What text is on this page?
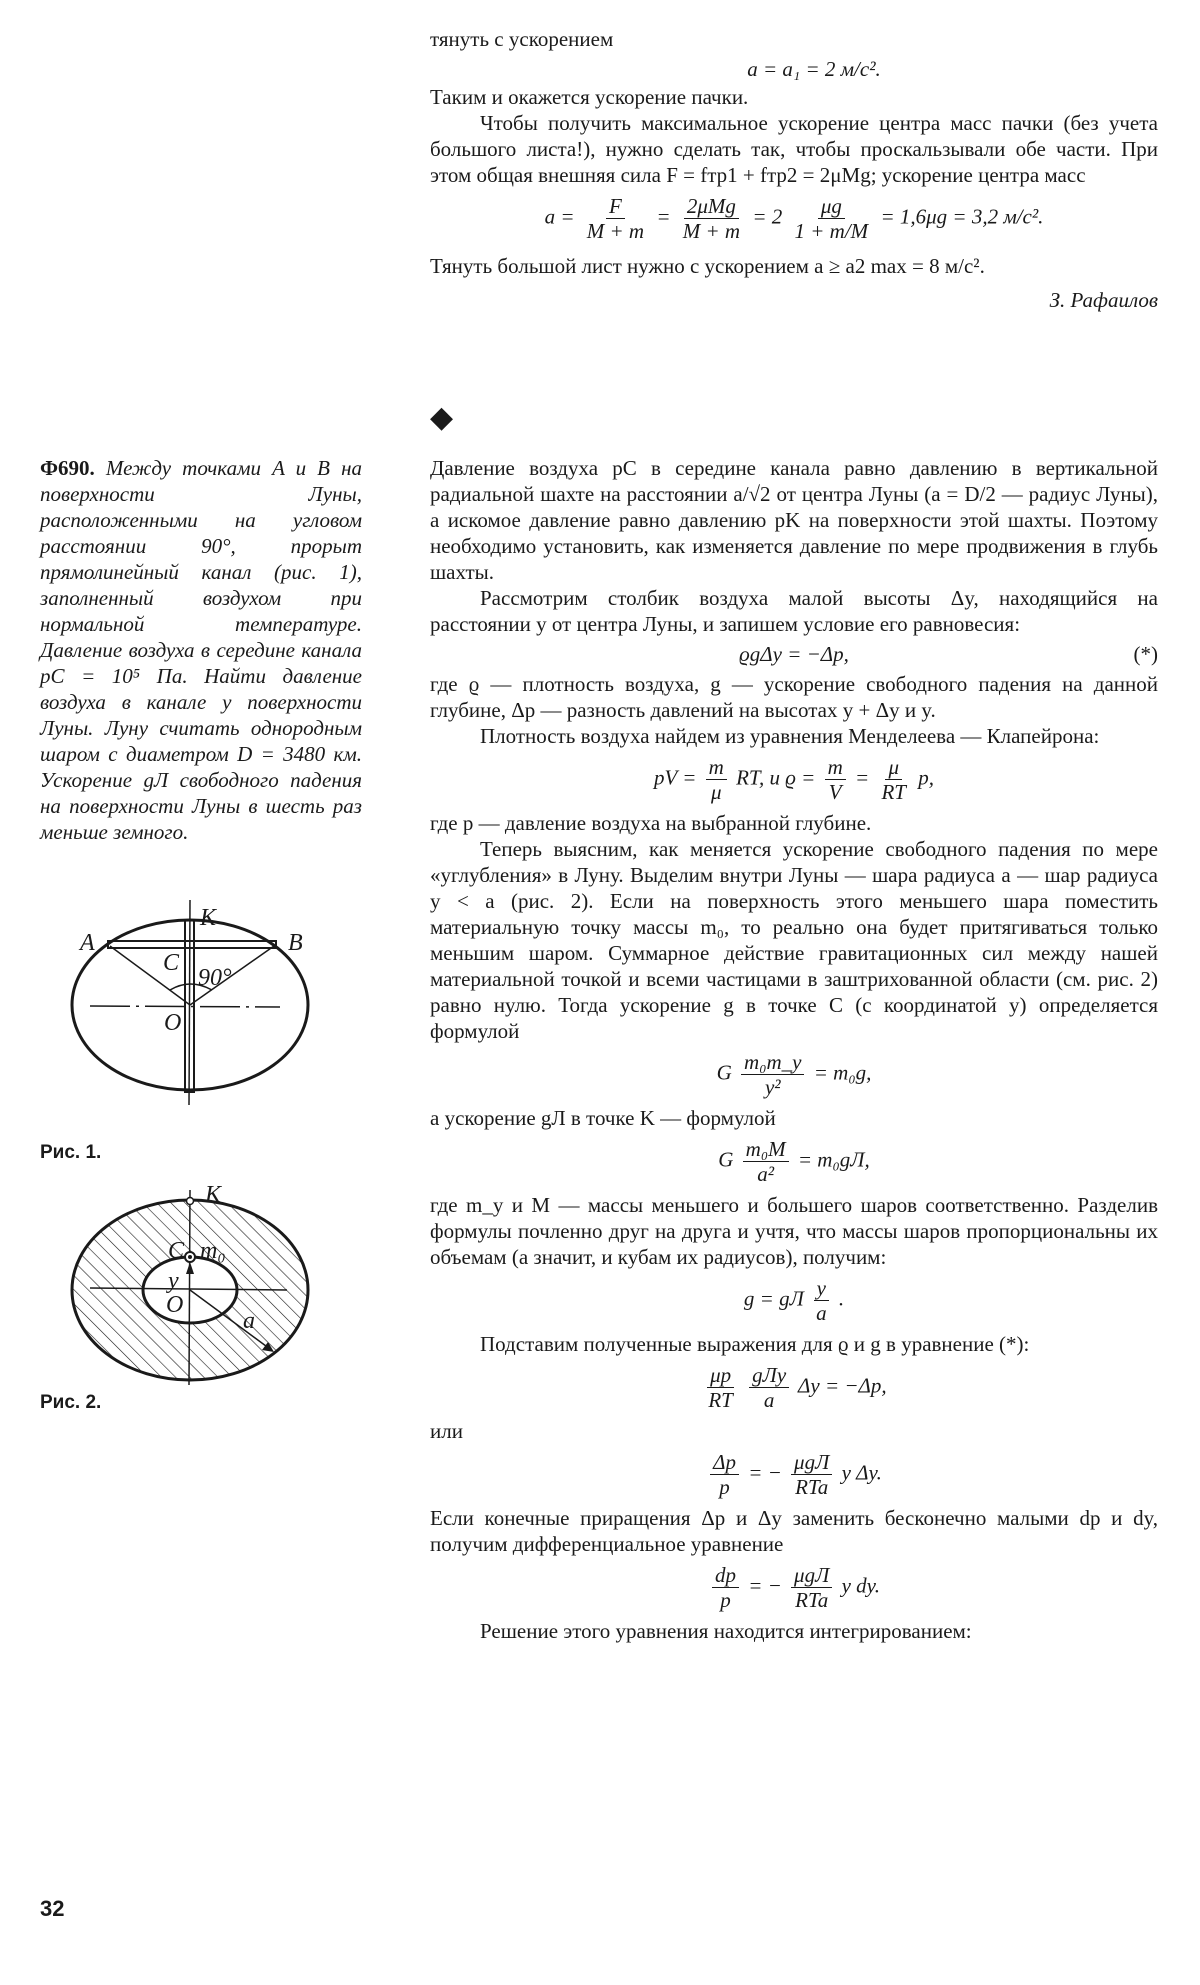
тянуть с ускорением

a = a₁ = 2 м/с².

Таким и окажется ускорение пачки.

Чтобы получить максимальное ускорение центра масс пачки (без учета большого листа!), нужно сделать так, чтобы проскальзывали обе части. При этом общая внешняя сила F = fтр1 + fтр2 = 2μMg; ускорение центра масс

$a = \frac{F}{M + m} = \frac{\text{2μMg}}{M + m} = 2 \frac{\mu g}{1 + m/M} = 1,6\mu g = 3,2$ м/с².

Тянуть большой лист нужно с ускорением a ≥ a2 max = 8 м/с².

З. Рафаилов

◆
Ф690. Между точками A и B на поверхности Луны, расположенными на угловом расстоянии 90°, прорыт прямолинейный канал (рис. 1), заполненный воздухом при нормальной температуре. Давление воздуха в середине канала pC = 10⁵ Па. Найти давление воздуха в канале у поверхности Луны. Луну считать однородным шаром с диаметром D = 3480 км. Ускорение gЛ свободного падения на поверхности Луны в шесть раз меньше земного.
K
A	B
C
90°
O
Рис. 1.
K
C m₀
y
O
a
Рис. 2.

Давление воздуха pC в середине канала равно давлению в вертикальной радиальной шахте на расстоянии a/√2 от центра Луны (a = D/2 — радиус Луны), а искомое давление равно давлению pK на поверхности этой шахты. Поэтому необходимо установить, как изменяется давление по мере продвижения в глубь шахты.

Рассмотрим столбик воздуха малой высоты Δy, находящийся на расстоянии y от центра Луны, и запишем условие его равновесия:

ϱgΔy = −Δp,	(*)

где ϱ — плотность воздуха, g — ускорение свободного падения на данной глубине, Δp — разность давлений на высотах y + Δy и y.

Плотность воздуха найдем из уравнения Менделеева — Клапейрона:

pV = $\frac{m}{\mu}$ RT, и $ϱ = \frac{m}{V} = \frac{\mu}{RT} p$,

где p — давление воздуха на выбранной глубине.

Теперь выясним, как меняется ускорение свободного падения по мере «углубления» в Луну. Выделим внутри Луны — шара радиуса a — шар радиуса y < a (рис. 2). Если на поверхность этого меньшего шара поместить материальную точку массы m₀, то реально она будет притягиваться только меньшим шаром. Суммарное действие гравитационных сил между нашей материальной точкой и всеми частицами в заштрихованной области (см. рис. 2) равно нулю. Тогда ускорение g в точке C (с координатой y) определяется формулой

G $\frac{\text{m₀m\_y}}{\text{y²}} = m_0g$,

а ускорение gЛ в точке K — формулой

G $\frac{\text{m₀M}}{\text{a²}} = m_0gЛ$,

где m_y и M — массы меньшего и большего шаров соответственно. Разделив формулы почленно друг на друга и учтя, что массы шаров пропорциональны их объемам (а значит, и кубам их радиусов), получим:

g = gЛ $\frac{y}{a}$ .

Подставим полученные выражения для ϱ и g в уравнение (*):

$\frac{\mu p}{RT}$
$\frac{\text{gЛy}}{a}$ Δy = −Δp,

или

$\frac{\Delta p}{p}$ = − $\frac{\text{μgЛ}}{\text{RTa}}$ y Δy.

Если конечные приращения Δp и Δy заменить бесконечно малыми dp и dy, получим дифференциальное уравнение

$\frac{dp}{p}$ = − $\frac{\text{μgЛ}}{\text{RTa}}$ y dy.

Решение этого уравнения находится интегрированием:

32
